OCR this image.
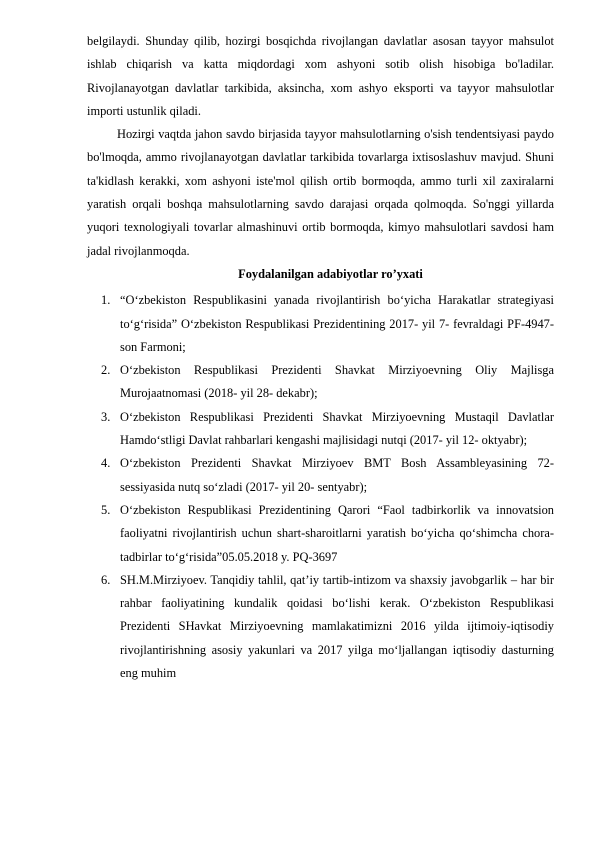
belgilaydi. Shunday qilib, hozirgi bosqichda rivojlangan davlatlar asosan tayyor mahsulot ishlab chiqarish va katta miqdordagi xom ashyoni sotib olish hisobiga bo'ladilar. Rivojlanayotgan davlatlar tarkibida, aksincha, xom ashyo eksporti va tayyor mahsulotlar importi ustunlik qiladi.

Hozirgi vaqtda jahon savdo birjasida tayyor mahsulotlarning o'sish tendentsiyasi paydo bo'lmoqda, ammo rivojlanayotgan davlatlar tarkibida tovarlarga ixtisoslashuv mavjud. Shuni ta'kidlash kerakki, xom ashyoni iste'mol qilish ortib bormoqda, ammo turli xil zaxiralarni yaratish orqali boshqa mahsulotlarning savdo darajasi orqada qolmoqda. So'nggi yillarda yuqori texnologiyali tovarlar almashinuvi ortib bormoqda, kimyo mahsulotlari savdosi ham jadal rivojlanmoqda.

Foydalanilgan adabiyotlar ro’yxati

1. “O‘zbekiston Respublikasini yanada rivojlantirish bo‘yicha Harakatlar strategiyasi to‘g‘risida” O‘zbekiston Respublikasi Prezidentining 2017- yil 7- fevraldagi PF-4947-son Farmoni;
2. O‘zbekiston Respublikasi Prezidenti Shavkat Mirziyoevning Oliy Majlisga Murojaatnomasi (2018- yil 28- dekabr);
3. O‘zbekiston Respublikasi Prezidenti Shavkat Mirziyoevning Mustaqil Davlatlar Hamdo‘stligi Davlat rahbarlari kengashi majlisidagi nutqi (2017- yil 12- oktyabr);
4. O‘zbekiston Prezidenti Shavkat Mirziyoev BMT Bosh Assambleyasining 72-sessiyasida nutq so‘zladi (2017- yil 20- sentyabr);
5. O‘zbekiston Respublikasi Prezidentining Qarori “Faol tadbirkorlik va innovatsion faoliyatni rivojlantirish uchun shart-sharoitlarni yaratish bo‘yicha qo‘shimcha chora-tadbirlar to‘g‘risida”05.05.2018 y. PQ-3697
6. SH.M.Mirziyoev. Tanqidiy tahlil, qat’iy tartib-intizom va shaxsiy javobgarlik – har bir rahbar faoliyatining kundalik qoidasi bo‘lishi kerak. O‘zbekiston Respublikasi Prezidenti SHavkat Mirziyoevning mamlakatimizni 2016 yilda ijtimoiy-iqtisodiy rivojlantirishning asosiy yakunlari va 2017 yilga mo‘ljallangan iqtisodiy dasturning eng muhim
